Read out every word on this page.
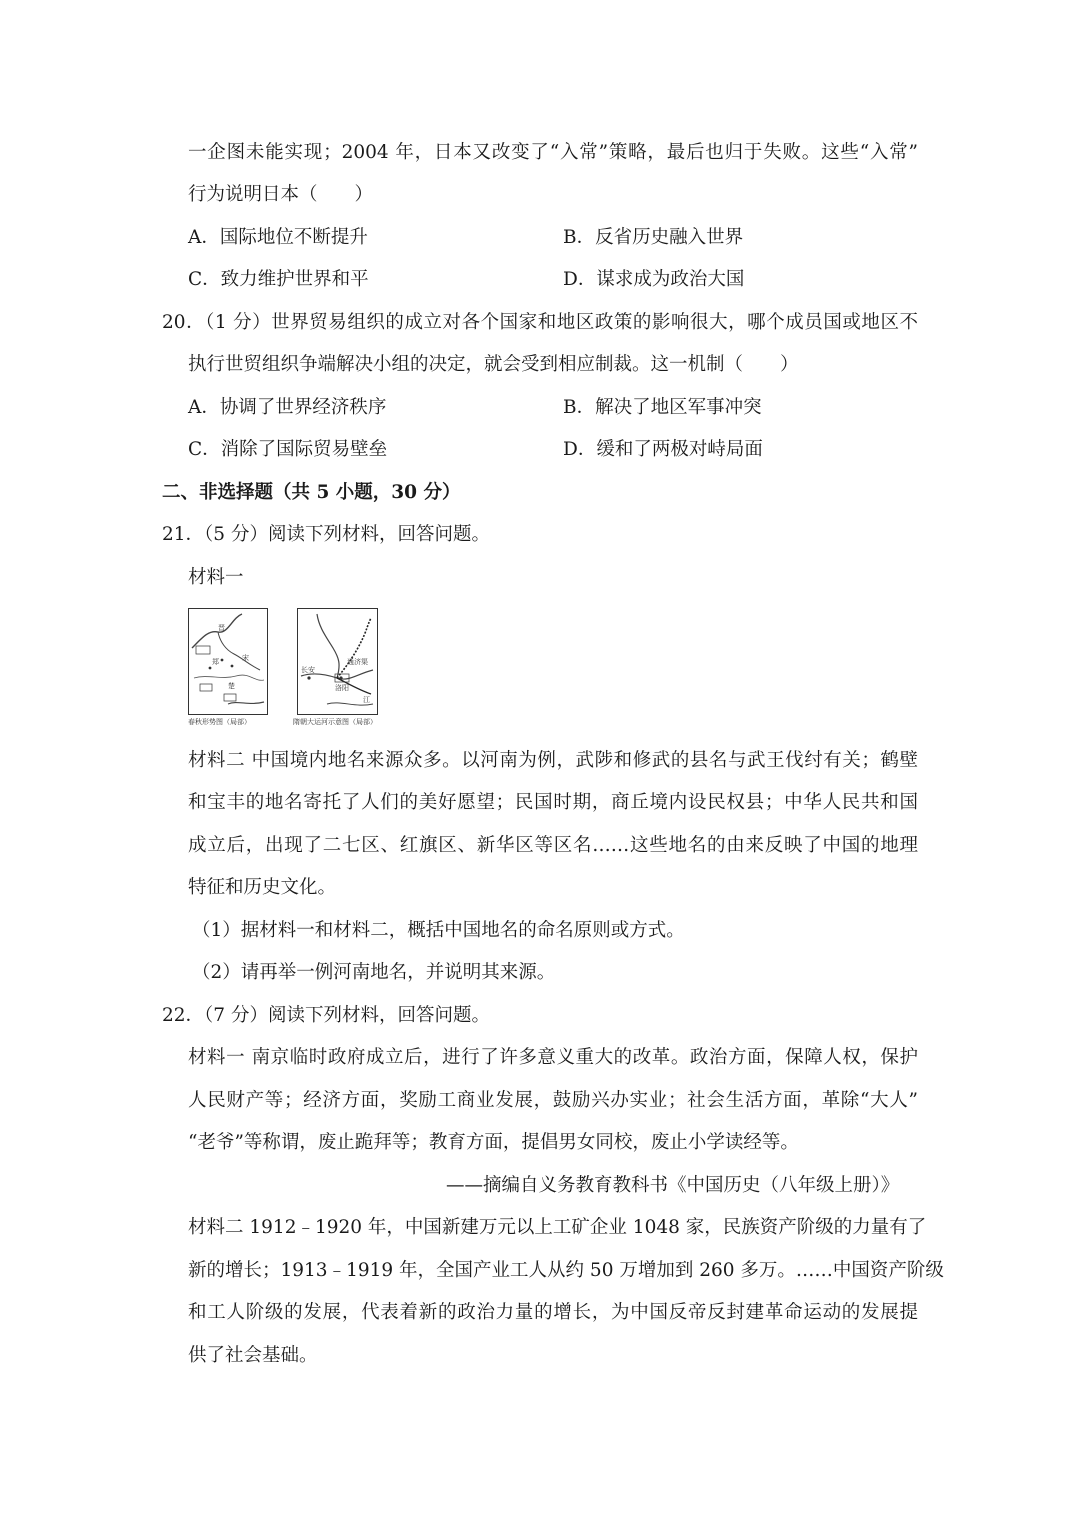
一企图未能实现；2004 年，日本又改变了“入常”策略，最后也归于失败。这些“入常”
行为说明日本（　　）
A．国际地位不断提升	B．反省历史融入世界
C．致力维护世界和平	D．谋求成为政治大国
20．（1 分）世界贸易组织的成立对各个国家和地区政策的影响很大，哪个成员国或地区不
执行世贸组织争端解决小组的决定，就会受到相应制裁。这一机制（　　）
A．协调了世界经济秩序	B．解决了地区军事冲突
C．消除了国际贸易壁垒	D．缓和了两极对峙局面
二、非选择题（共 5 小题，30 分）
21．（5 分）阅读下列材料，回答问题。
材料一
晋
宋
楚
郑
春秋形势图（局部）
长安
洛阳
通济渠
江
隋朝大运河示意图（局部）
材料二 中国境内地名来源众多。以河南为例，武陟和修武的县名与武王伐纣有关；鹤壁
和宝丰的地名寄托了人们的美好愿望；民国时期，商丘境内设民权县；中华人民共和国
成立后，出现了二七区、红旗区、新华区等区名……这些地名的由来反映了中国的地理
特征和历史文化。
（1）据材料一和材料二，概括中国地名的命名原则或方式。
（2）请再举一例河南地名，并说明其来源。
22．（7 分）阅读下列材料，回答问题。
材料一 南京临时政府成立后，进行了许多意义重大的改革。政治方面，保障人权，保护
人民财产等；经济方面，奖励工商业发展，鼓励兴办实业；社会生活方面，革除“大人”
“老爷”等称谓，废止跪拜等；教育方面，提倡男女同校，废止小学读经等。
——摘编自义务教育教科书《中国历史（八年级上册）》
材料二 1912﹣1920 年，中国新建万元以上工矿企业 1048 家，民族资产阶级的力量有了
新的增长；1913﹣1919 年，全国产业工人从约 50 万增加到 260 多万。……中国资产阶级
和工人阶级的发展，代表着新的政治力量的增长，为中国反帝反封建革命运动的发展提
供了社会基础。
